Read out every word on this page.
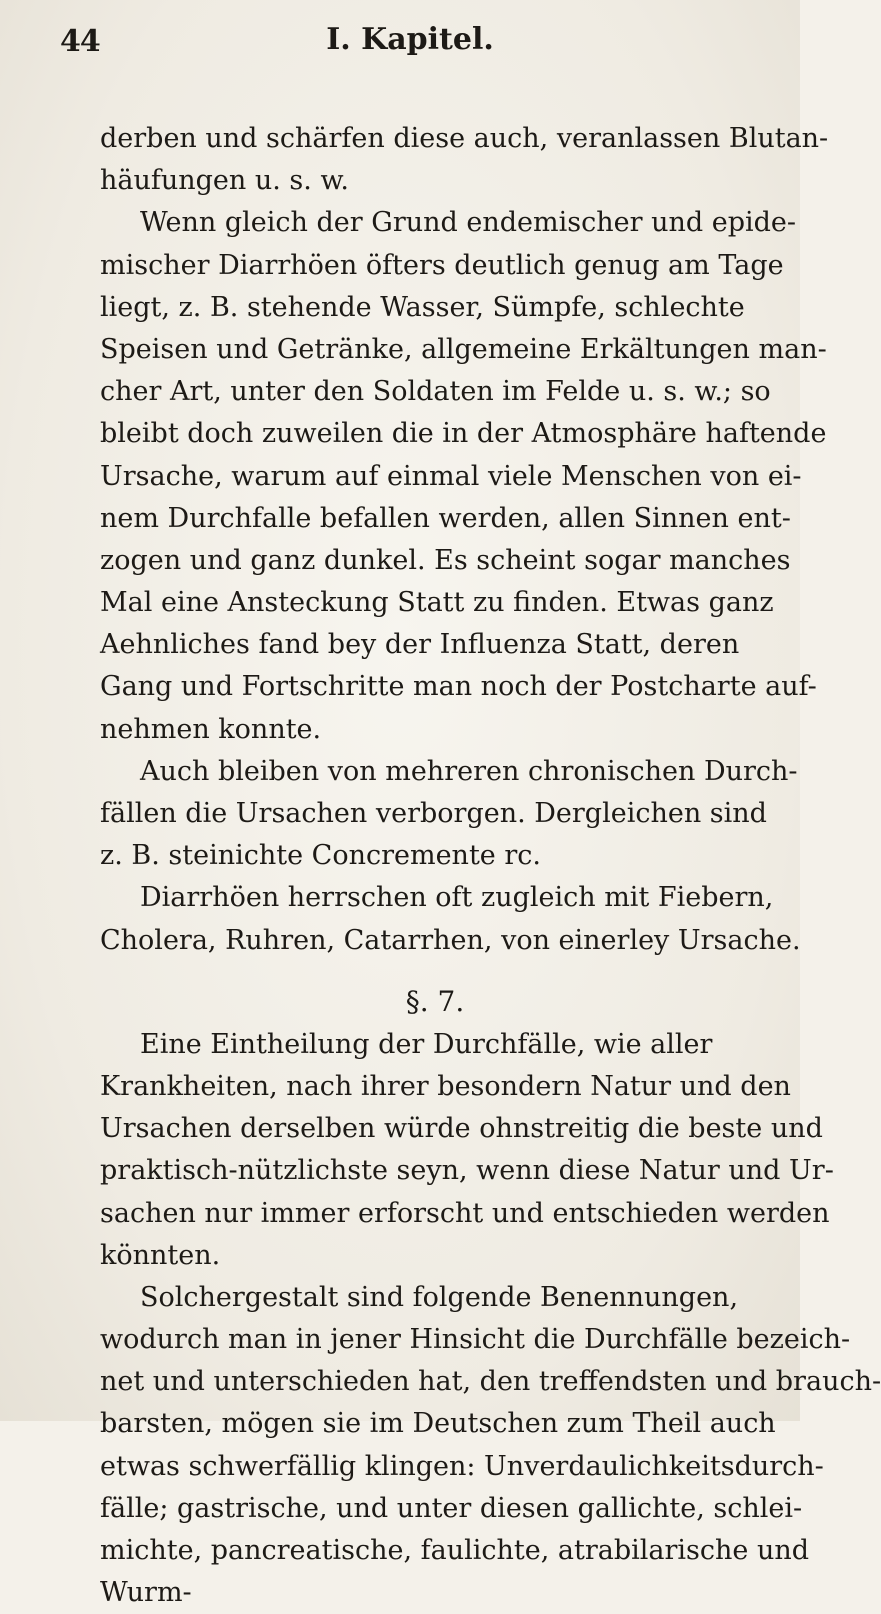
44	I. Kapitel.
derben und schärfen diese auch, veranlassen Blutan-
häufungen u. s. w.
Wenn gleich der Grund endemischer und epide-
mischer Diarrhöen öfters deutlich genug am Tage
liegt, z. B. stehende Wasser, Sümpfe, schlechte
Speisen und Getränke, allgemeine Erkältungen man-
cher Art, unter den Soldaten im Felde u. s. w.; so
bleibt doch zuweilen die in der Atmosphäre haftende
Ursache, warum auf einmal viele Menschen von ei-
nem Durchfalle befallen werden, allen Sinnen ent-
zogen und ganz dunkel. Es scheint sogar manches
Mal eine Ansteckung Statt zu finden. Etwas ganz
Aehnliches fand bey der Influenza Statt, deren
Gang und Fortschritte man noch der Postcharte auf-
nehmen konnte.
Auch bleiben von mehreren chronischen Durch-
fällen die Ursachen verborgen. Dergleichen sind
z. B. steinichte Concremente rc.
Diarrhöen herrschen oft zugleich mit Fiebern,
Cholera, Ruhren, Catarrhen, von einerley Ursache.
§. 7.
Eine Eintheilung der Durchfälle, wie aller
Krankheiten, nach ihrer besondern Natur und den
Ursachen derselben würde ohnstreitig die beste und
praktisch-nützlichste seyn, wenn diese Natur und Ur-
sachen nur immer erforscht und entschieden werden
könnten.
Solchergestalt sind folgende Benennungen,
wodurch man in jener Hinsicht die Durchfälle bezeich-
net und unterschieden hat, den treffendsten und brauch-
barsten, mögen sie im Deutschen zum Theil auch
etwas schwerfällig klingen: Unverdaulichkeitsdurch-
fälle; gastrische, und unter diesen gallichte, schlei-
michte, pancreatische, faulichte, atrabilarische und
Wurm-
